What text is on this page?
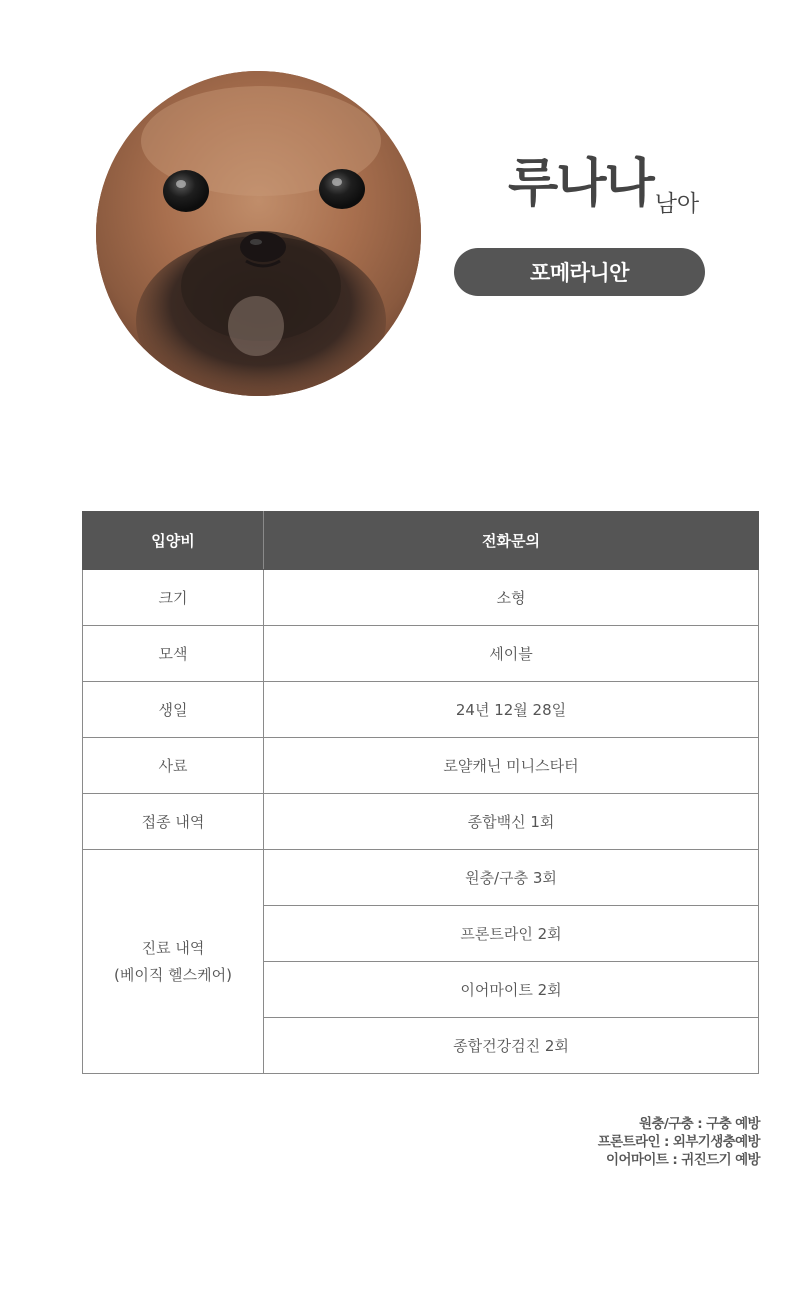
루나나 남아
포메라니안
입양비	전화문의
크기	소형
모색	세이블
생일	24년 12월 28일
사료	로얄캐닌 미니스타터
접종 내역	종합백신 1회

진료 내역
(베이직 헬스케어)	원충/구충 3회
	프론트라인 2회
	이어마이트 2회
	종합건강검진 2회
원충/구충 : 구충 예방
프론트라인 : 외부기생충예방
이어마이트 : 귀진드기 예방
